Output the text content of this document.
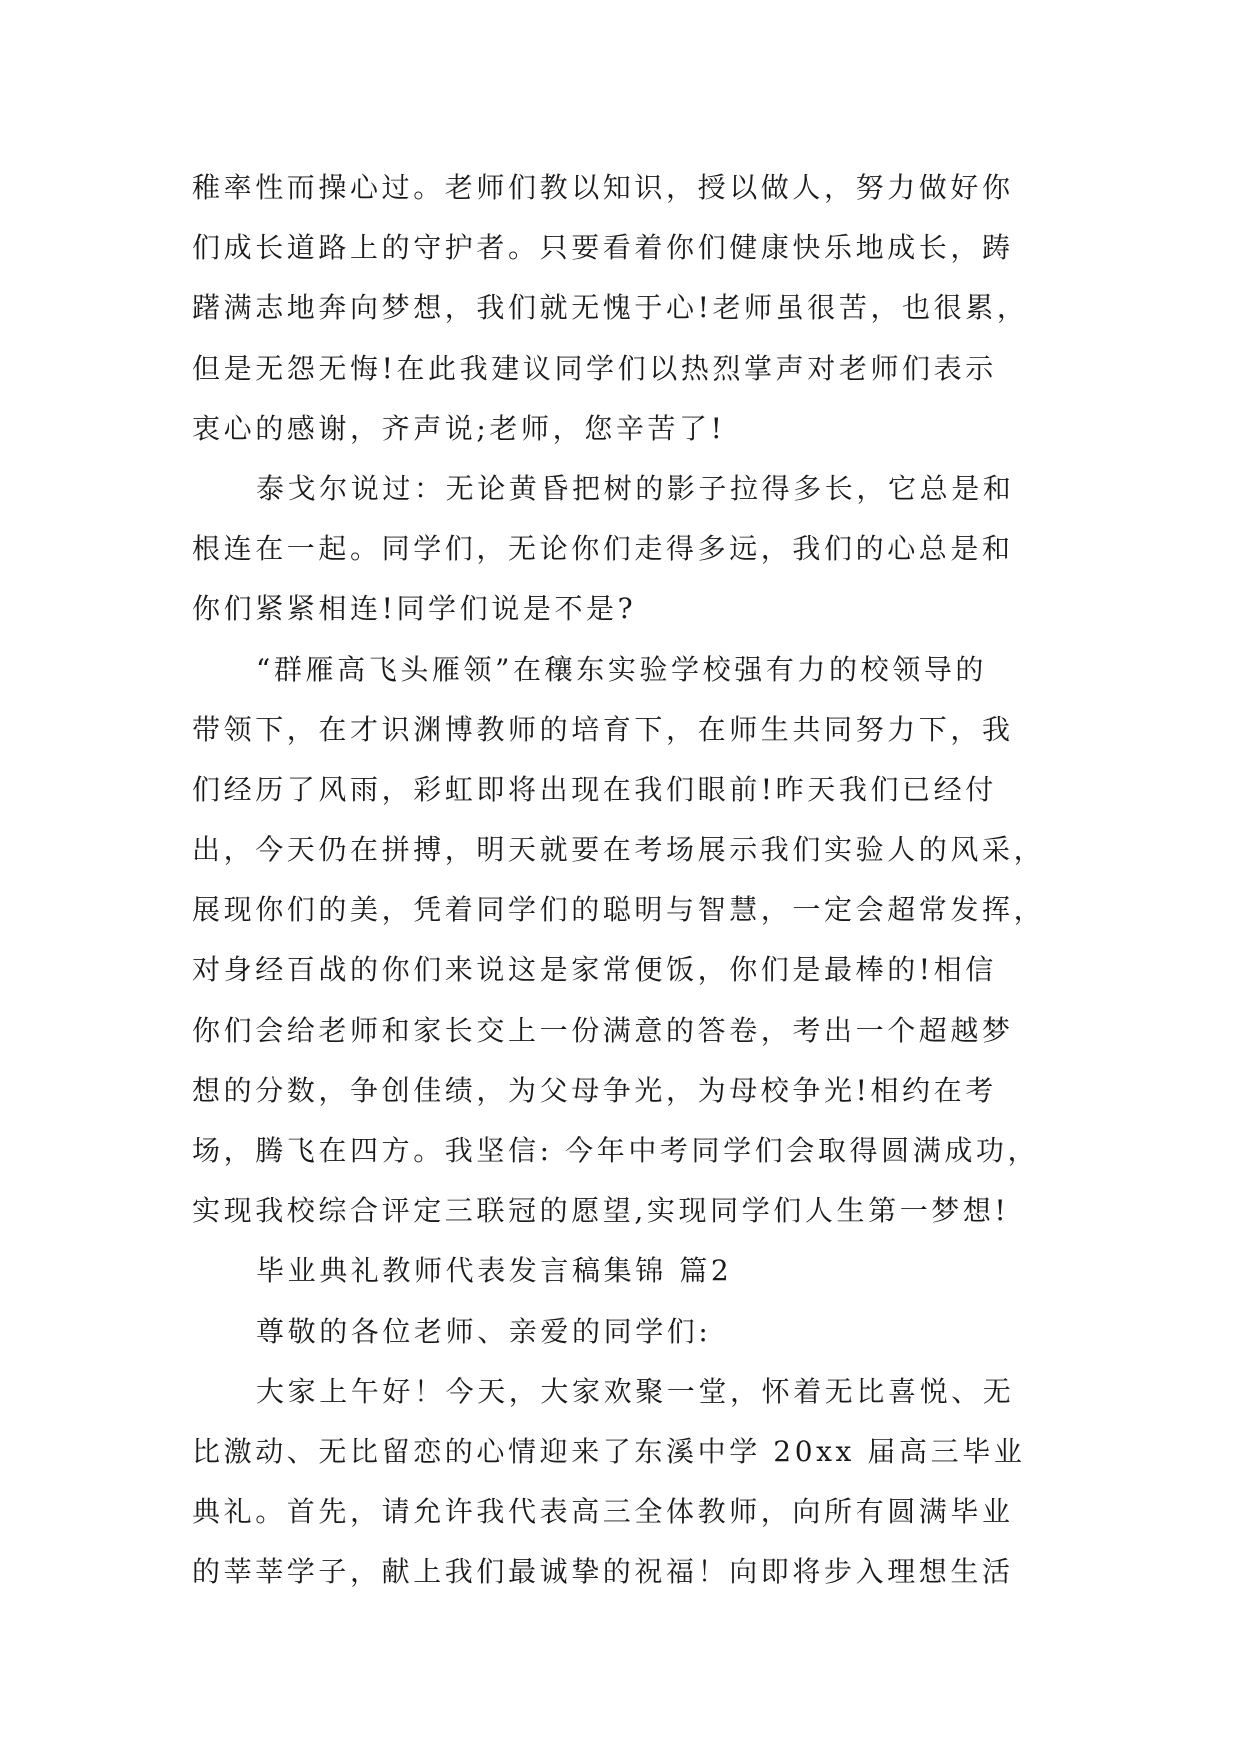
稚率性而操心过。老师们教以知识，授以做人，努力做好你
们成长道路上的守护者。只要看着你们健康快乐地成长，踌
躇满志地奔向梦想，我们就无愧于心!老师虽很苦，也很累，
但是无怨无悔!在此我建议同学们以热烈掌声对老师们表示
衷心的感谢，齐声说;老师，您辛苦了!
泰戈尔说过：无论黄昏把树的影子拉得多长，它总是和
根连在一起。同学们，无论你们走得多远，我们的心总是和
你们紧紧相连!同学们说是不是?
“群雁高飞头雁领”在穰东实验学校强有力的校领导的
带领下，在才识渊博教师的培育下，在师生共同努力下，我
们经历了风雨，彩虹即将出现在我们眼前!昨天我们已经付
出，今天仍在拼搏，明天就要在考场展示我们实验人的风采，
展现你们的美，凭着同学们的聪明与智慧，一定会超常发挥，
对身经百战的你们来说这是家常便饭，你们是最棒的!相信
你们会给老师和家长交上一份满意的答卷，考出一个超越梦
想的分数，争创佳绩，为父母争光，为母校争光!相约在考
场，腾飞在四方。我坚信: 今年中考同学们会取得圆满成功，
实现我校综合评定三联冠的愿望,实现同学们人生第一梦想!
毕业典礼教师代表发言稿集锦 篇2
尊敬的各位老师、亲爱的同学们:
大家上午好！今天，大家欢聚一堂，怀着无比喜悦、无
比激动、无比留恋的心情迎来了东溪中学 20xx 届高三毕业
典礼。首先，请允许我代表高三全体教师，向所有圆满毕业
的莘莘学子，献上我们最诚挚的祝福！向即将步入理想生活
